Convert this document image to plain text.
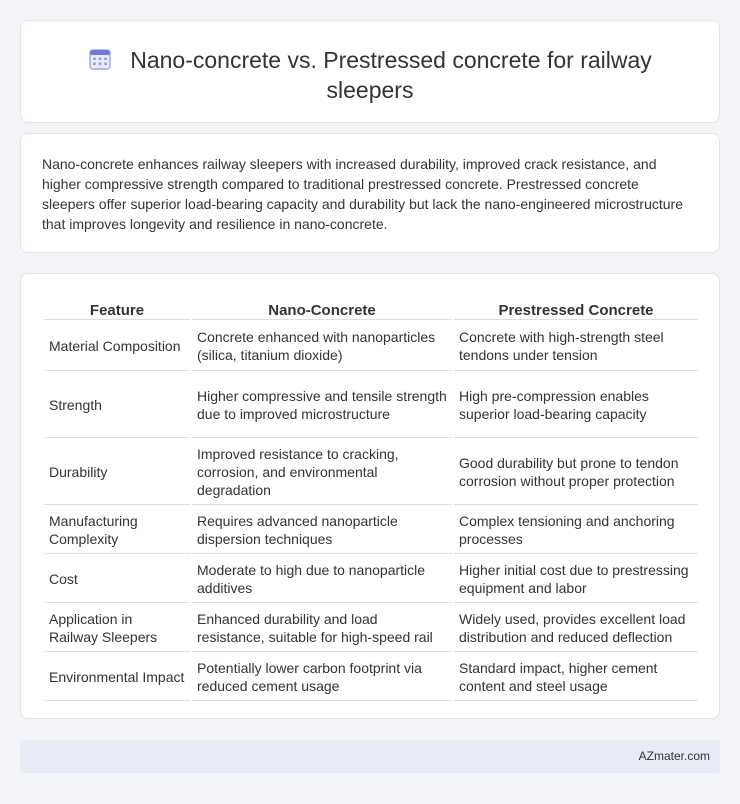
Nano-concrete vs. Prestressed concrete for railway sleepers

Nano-concrete enhances railway sleepers with increased durability, improved crack resistance, and higher compressive strength compared to traditional prestressed concrete. Prestressed concrete sleepers offer superior load-bearing capacity and durability but lack the nano-engineered microstructure that improves longevity and resilience in nano-concrete.

Feature	Nano-Concrete	Prestressed Concrete
Material Composition	Concrete enhanced with nanoparticles (silica, titanium dioxide)	Concrete with high-strength steel tendons under tension
Strength	Higher compressive and tensile strength due to improved microstructure	High pre-compression enables superior load-bearing capacity
Durability	Improved resistance to cracking, corrosion, and environmental degradation	Good durability but prone to tendon corrosion without proper protection
Manufacturing Complexity	Requires advanced nanoparticle dispersion techniques	Complex tensioning and anchoring processes
Cost	Moderate to high due to nanoparticle additives	Higher initial cost due to prestressing equipment and labor
Application in Railway Sleepers	Enhanced durability and load resistance, suitable for high-speed rail	Widely used, provides excellent load distribution and reduced deflection
Environmental Impact	Potentially lower carbon footprint via reduced cement usage	Standard impact, higher cement content and steel usage
AZmater.com
